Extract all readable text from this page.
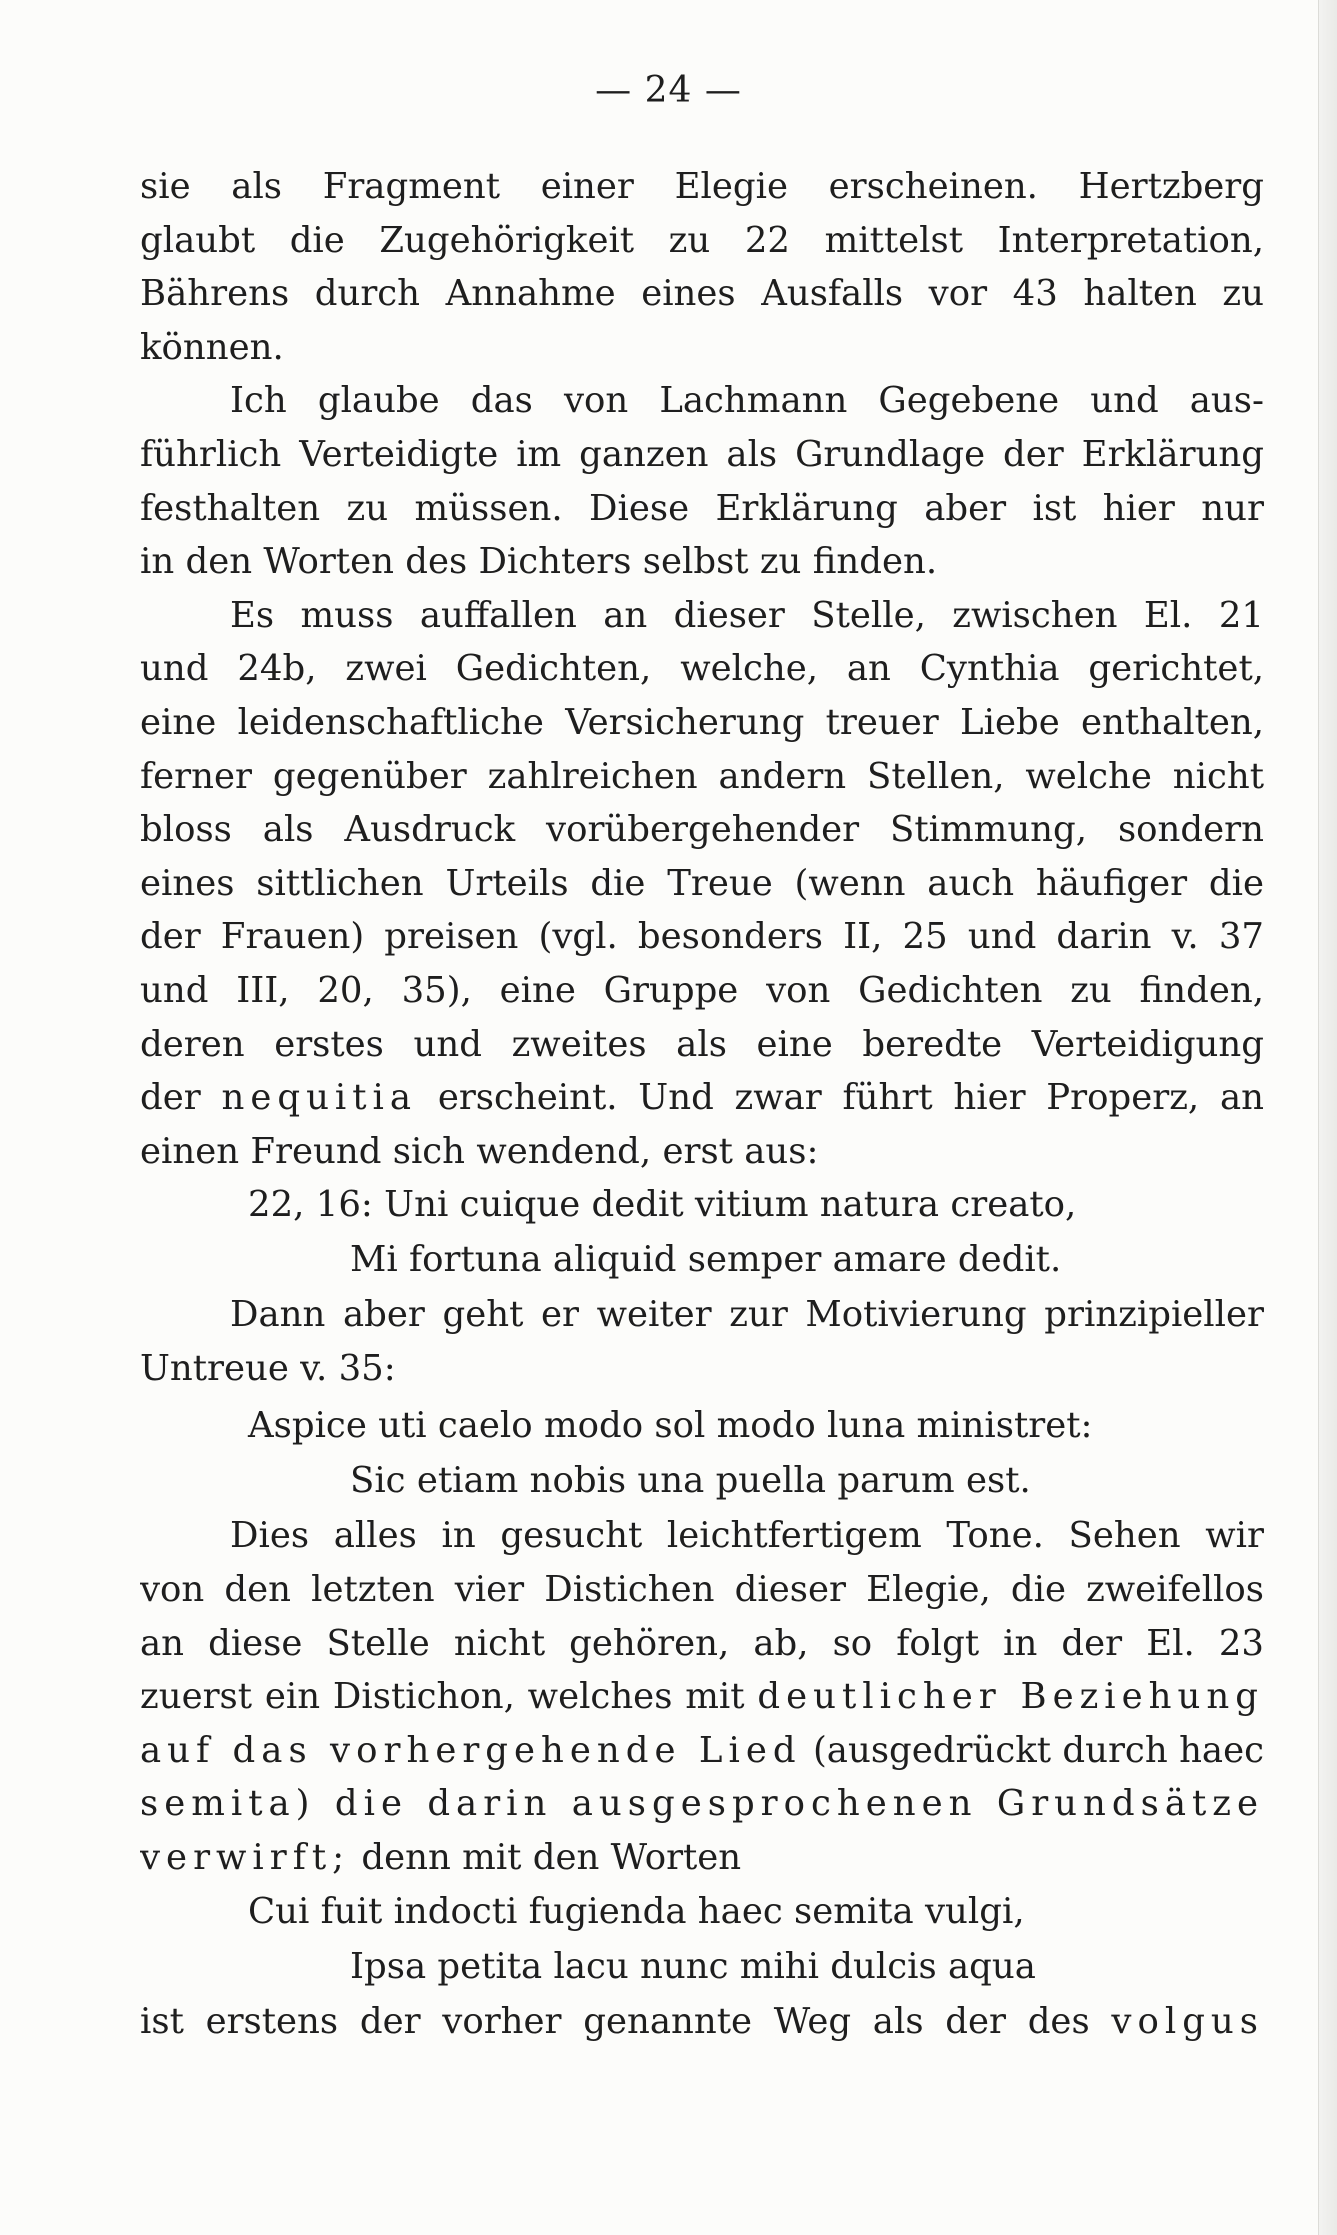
— 24 —
sie als Fragment einer Elegie erscheinen. Hertzberg
glaubt die Zugehörigkeit zu 22 mittelst Interpretation,
Bährens durch Annahme eines Ausfalls vor 43 halten zu
können.
Ich glaube das von Lachmann Gegebene und aus-
führlich Verteidigte im ganzen als Grundlage der Erklärung
festhalten zu müssen. Diese Erklärung aber ist hier nur
in den Worten des Dichters selbst zu finden.
Es muss auffallen an dieser Stelle, zwischen El. 21
und 24b, zwei Gedichten, welche, an Cynthia gerichtet,
eine leidenschaftliche Versicherung treuer Liebe enthalten,
ferner gegenüber zahlreichen andern Stellen, welche nicht
bloss als Ausdruck vorübergehender Stimmung, sondern
eines sittlichen Urteils die Treue (wenn auch häufiger die
der Frauen) preisen (vgl. besonders II, 25 und darin v. 37
und III, 20, 35), eine Gruppe von Gedichten zu finden,
deren erstes und zweites als eine beredte Verteidigung
der nequitia erscheint. Und zwar führt hier Properz, an
einen Freund sich wendend, erst aus:
22, 16: Uni cuique dedit vitium natura creato,
Mi fortuna aliquid semper amare dedit.
Dann aber geht er weiter zur Motivierung prinzipieller
Untreue v. 35:
Aspice uti caelo modo sol modo luna ministret:
Sic etiam nobis una puella parum est.
Dies alles in gesucht leichtfertigem Tone. Sehen wir
von den letzten vier Distichen dieser Elegie, die zweifellos
an diese Stelle nicht gehören, ab, so folgt in der El. 23
zuerst ein Distichon, welches mit deutlicher Beziehung
auf das vorhergehende Lied (ausgedrückt durch haec
semita) die darin ausgesprochenen Grundsätze
verwirft; denn mit den Worten
Cui fuit indocti fugienda haec semita vulgi,
Ipsa petita lacu nunc mihi dulcis aqua
ist erstens der vorher genannte Weg als der des volgus
